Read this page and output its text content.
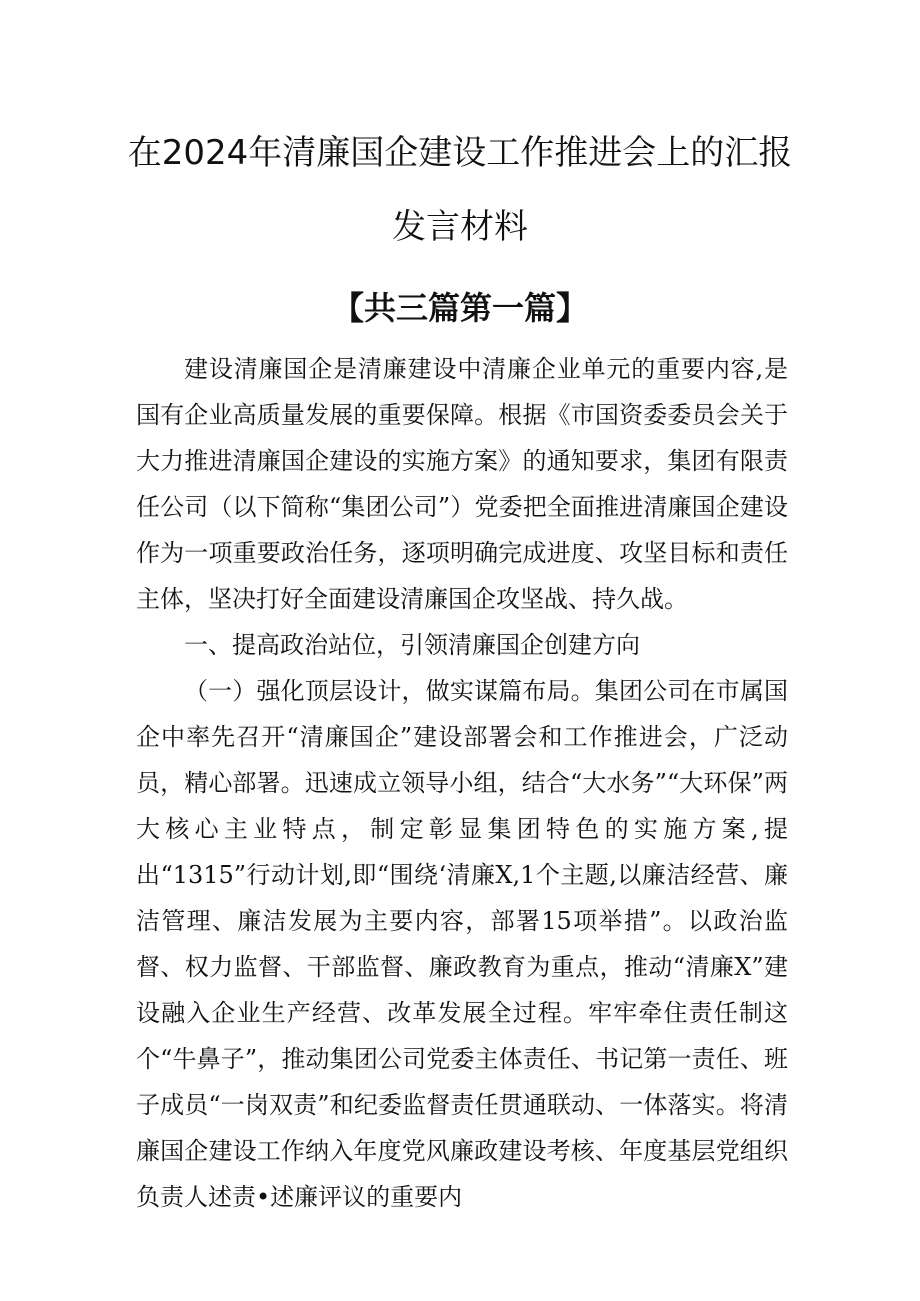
在2024年清廉国企建设工作推进会上的汇报
发言材料
【共三篇第一篇】

建设清廉国企是清廉建设中清廉企业单元的重要内容,是国有企业高质量发展的重要保障。根据《市国资委委员会关于大力推进清廉国企建设的实施方案》的通知要求，集团有限责任公司（以下简称“集团公司”）党委把全面推进清廉国企建设作为一项重要政治任务，逐项明确完成进度、攻坚目标和责任主体，坚决打好全面建设清廉国企攻坚战、持久战。

一、提高政治站位，引领清廉国企创建方向

（一）强化顶层设计，做实谋篇布局。集团公司在市属国企中率先召开“清廉国企”建设部署会和工作推进会，广泛动员，精心部署。迅速成立领导小组，结合“大水务”“大环保”两大核心主业特点，制定彰显集团特色的实施方案,提出“1315”行动计划,即“围绕‘清廉X,1个主题,以廉洁经营、廉洁管理、廉洁发展为主要内容，部署15项举措”。以政治监督、权力监督、干部监督、廉政教育为重点，推动“清廉X”建设融入企业生产经营、改革发展全过程。牢牢牵住责任制这个“牛鼻子”，推动集团公司党委主体责任、书记第一责任、班子成员“一岗双责”和纪委监督责任贯通联动、一体落实。将清廉国企建设工作纳入年度党风廉政建设考核、年度基层党组织负责人述责•述廉评议的重要内
